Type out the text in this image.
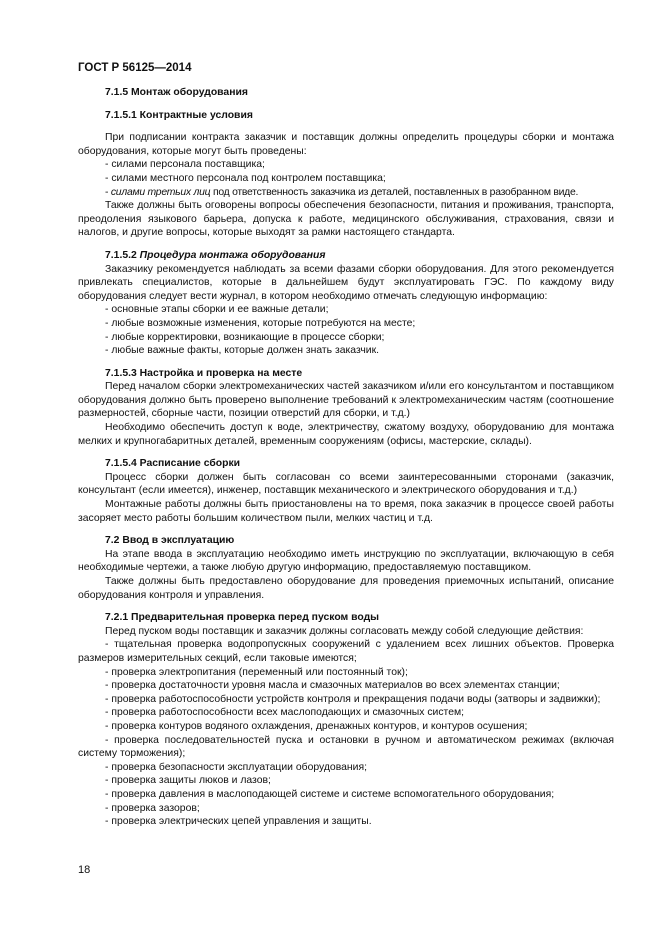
ГОСТ Р 56125—2014

7.1.5 Монтаж оборудования

7.1.5.1 Контрактные условия

При подписании контракта заказчик и поставщик должны определить процедуры сборки и монтажа оборудования, которые могут быть проведены:

- силами персонала поставщика;

- силами местного персонала под контролем поставщика;

- силами третьих лиц под ответственность заказчика из деталей, поставленных в разобранном виде.

Также должны быть оговорены вопросы обеспечения безопасности, питания и проживания, транспорта, преодоления языкового барьера, допуска к работе, медицинского обслуживания, страхования, связи и налогов, и другие вопросы, которые выходят за рамки настоящего стандарта.

7.1.5.2 Процедура монтажа оборудования

Заказчику рекомендуется наблюдать за всеми фазами сборки оборудования. Для этого рекомендуется привлекать специалистов, которые в дальнейшем будут эксплуатировать ГЭС. По каждому виду оборудования следует вести журнал, в котором необходимо отмечать следующую информацию:

- основные этапы сборки и ее важные детали;

- любые возможные изменения, которые потребуются на месте;

- любые корректировки, возникающие в процессе сборки;

- любые важные факты, которые должен знать заказчик.

7.1.5.3 Настройка и проверка на месте

Перед началом сборки электромеханических частей заказчиком и/или его консультантом и поставщиком оборудования должно быть проверено выполнение требований к электромеханическим частям (соотношение размерностей, сборные части, позиции отверстий для сборки, и т.д.)

Необходимо обеспечить доступ к воде, электричеству, сжатому воздуху, оборудованию для монтажа мелких и крупногабаритных деталей, временным сооружениям (офисы, мастерские, склады).

7.1.5.4 Расписание сборки

Процесс сборки должен быть согласован со всеми заинтересованными сторонами (заказчик, консультант (если имеется), инженер, поставщик механического и электрического оборудования и т.д.)

Монтажные работы должны быть приостановлены на то время, пока заказчик в процессе своей работы засоряет место работы большим количеством пыли, мелких частиц и т.д.

7.2 Ввод в эксплуатацию

На этапе ввода в эксплуатацию необходимо иметь инструкцию по эксплуатации, включающую в себя необходимые чертежи, а также любую другую информацию, предоставляемую поставщиком.

Также должны быть предоставлено оборудование для проведения приемочных испытаний, описание оборудования контроля и управления.

7.2.1 Предварительная проверка перед пуском воды

Перед пуском воды поставщик и заказчик должны согласовать между собой следующие действия:

- тщательная проверка водопропускных сооружений с удалением всех лишних объектов. Проверка размеров измерительных секций, если таковые имеются;

- проверка электропитания (переменный или постоянный ток);

- проверка достаточности уровня масла и смазочных материалов во всех элементах станции;

- проверка работоспособности устройств контроля и прекращения подачи воды (затворы и задвижки);

- проверка работоспособности всех маслоподающих и смазочных систем;

- проверка контуров водяного охлаждения, дренажных контуров, и контуров осушения;

- проверка последовательностей пуска и остановки в ручном и автоматическом режимах (включая систему торможения);

- проверка безопасности эксплуатации оборудования;

- проверка защиты люков и лазов;

- проверка давления в маслоподающей системе и системе вспомогательного оборудования;

- проверка зазоров;

- проверка электрических цепей управления и защиты.

18
